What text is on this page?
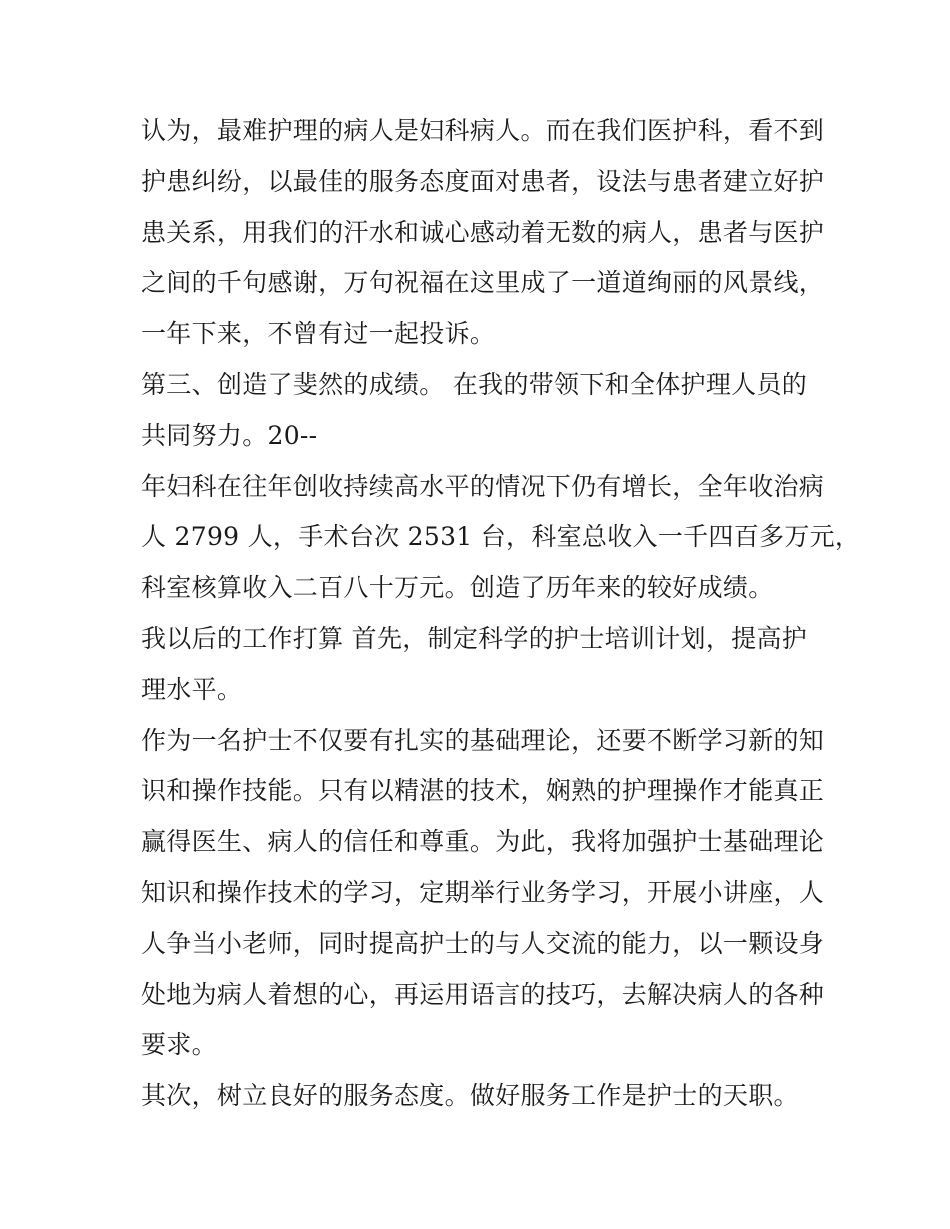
认为，最难护理的病人是妇科病人。而在我们医护科，看不到
护患纠纷，以最佳的服务态度面对患者，设法与患者建立好护
患关系，用我们的汗水和诚心感动着无数的病人，患者与医护
之间的千句感谢，万句祝福在这里成了一道道绚丽的风景线，
一年下来，不曾有过一起投诉。
第三、创造了斐然的成绩。 在我的带领下和全体护理人员的
共同努力。20--
年妇科在往年创收持续高水平的情况下仍有增长，全年收治病
人 2799 人，手术台次 2531 台，科室总收入一千四百多万元，
科室核算收入二百八十万元。创造了历年来的较好成绩。
我以后的工作打算 首先，制定科学的护士培训计划，提高护
理水平。
作为一名护士不仅要有扎实的基础理论，还要不断学习新的知
识和操作技能。只有以精湛的技术，娴熟的护理操作才能真正
赢得医生、病人的信任和尊重。为此，我将加强护士基础理论
知识和操作技术的学习，定期举行业务学习，开展小讲座，人
人争当小老师，同时提高护士的与人交流的能力，以一颗设身
处地为病人着想的心，再运用语言的技巧，去解决病人的各种
要求。
其次，树立良好的服务态度。做好服务工作是护士的天职。
